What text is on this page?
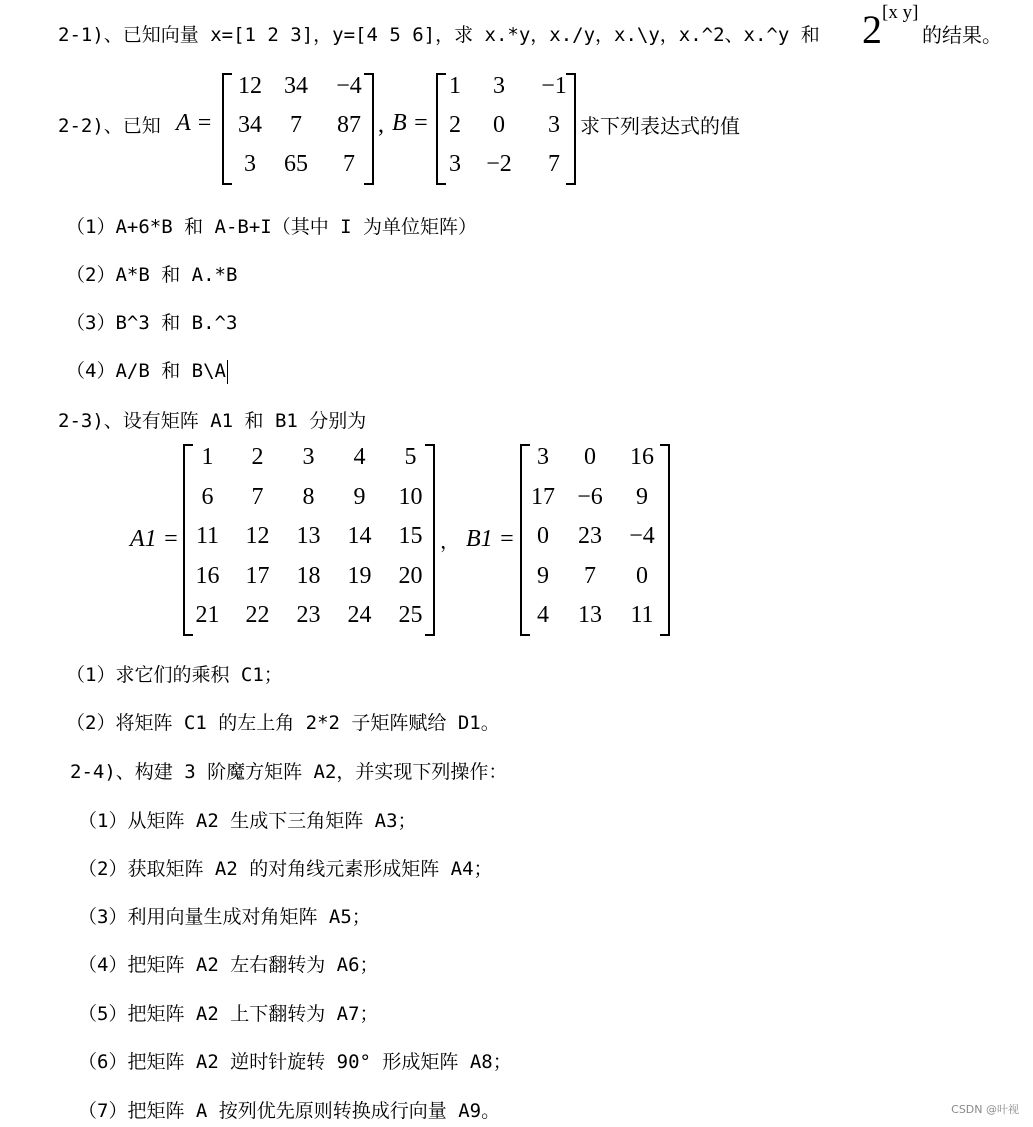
2-1)、已知向量 x=[1 2 3]，y=[4 5 6]，求 x.*y，x./y，x.\y，x.^2、x.^y 和 2 [x y]
的结果。
2-2)、已知 A =
12 34	−4
34	7	87
3	65	7
, B =
1	3	−1
2	0	3
3	−2	7
求下列表达式的值
（1）A+6*B 和 A-B+I（其中 I 为单位矩阵）
（2）A*B 和 A.*B
（3）B^3 和 B.^3
（4）A/B 和 B\A
2-3)、设有矩阵 A1 和 B1 分别为
A1 =
1	2	3	4	5
6	7	8	9	10
11	12	13	14	15
16	17	18	19	20
21	22	23	24	25
， B1 =
3	0	16
17 −6	9
0	23	−4
9	7	0
4	13	11
（1）求它们的乘积 C1；
（2）将矩阵 C1 的左上角 2*2 子矩阵赋给 D1。
2-4)、构建 3 阶魔方矩阵 A2，并实现下列操作：
（1）从矩阵 A2 生成下三角矩阵 A3；
（2）获取矩阵 A2 的对角线元素形成矩阵 A4；
（3）利用向量生成对角矩阵 A5；
（4）把矩阵 A2 左右翻转为 A6；
（5）把矩阵 A2 上下翻转为 A7；
（6）把矩阵 A2 逆时针旋转 90° 形成矩阵 A8；
（7）把矩阵 A 按列优先原则转换成行向量 A9。	CSDN @叶视
